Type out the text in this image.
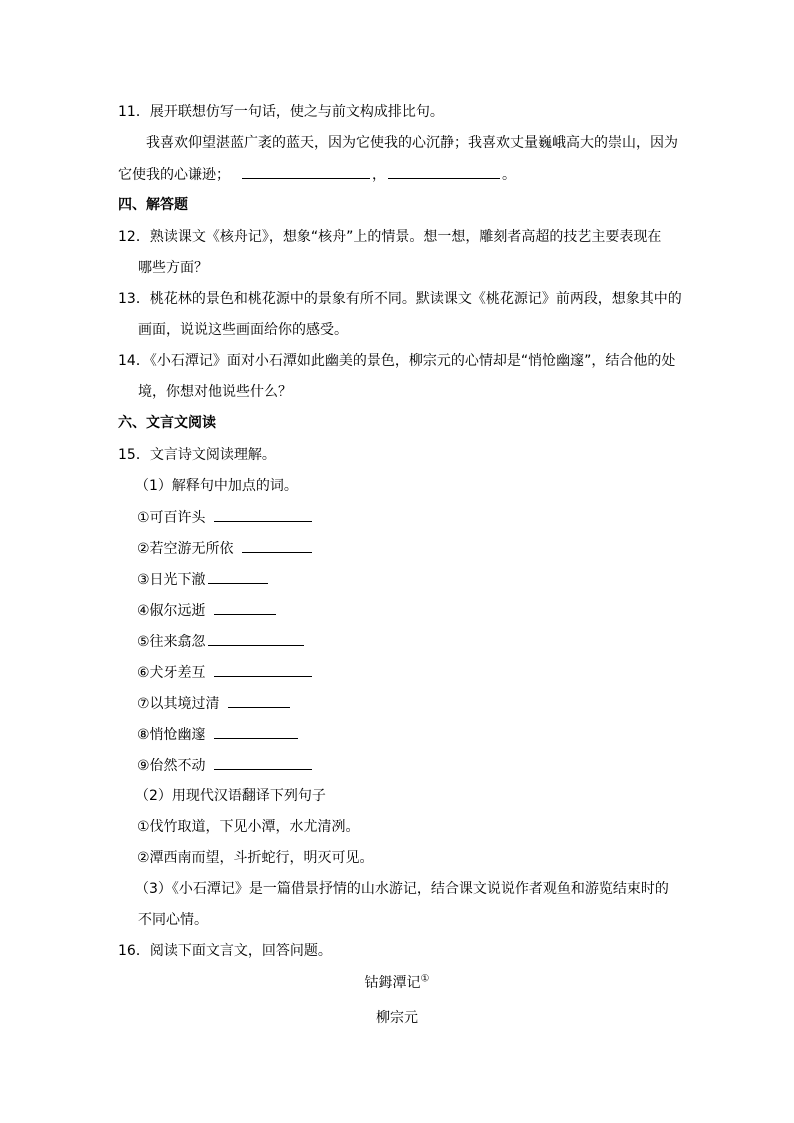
11．展开联想仿写一句话，使之与前文构成排比句。
我喜欢仰望湛蓝广袤的蓝天，因为它使我的心沉静；我喜欢丈量巍峨高大的崇山，因为
它使我的心谦逊；	，	。
四、解答题
12．熟读课文《核舟记》，想象“核舟”上的情景。想一想，雕刻者高超的技艺主要表现在
哪些方面？
13．桃花林的景色和桃花源中的景象有所不同。默读课文《桃花源记》前两段，想象其中的
画面，说说这些画面给你的感受。
14．《小石潭记》面对小石潭如此幽美的景色，柳宗元的心情却是“悄怆幽邃”，结合他的处
境，你想对他说些什么？
六、文言文阅读
15．文言诗文阅读理解。
（1）解释句中加点的词。
①可百许头
②若空游无所依
③日光下澈
④俶尔远逝
⑤往来翕忽
⑥犬牙差互
⑦以其境过清
⑧悄怆幽邃
⑨佁然不动
（2）用现代汉语翻译下列句子
①伐竹取道，下见小潭，水尤清冽。
②潭西南而望，斗折蛇行，明灭可见。
（3）《小石潭记》是一篇借景抒情的山水游记，结合课文说说作者观鱼和游览结束时的
不同心情。
16．阅读下面文言文，回答问题。
钴鉧潭记①
柳宗元
